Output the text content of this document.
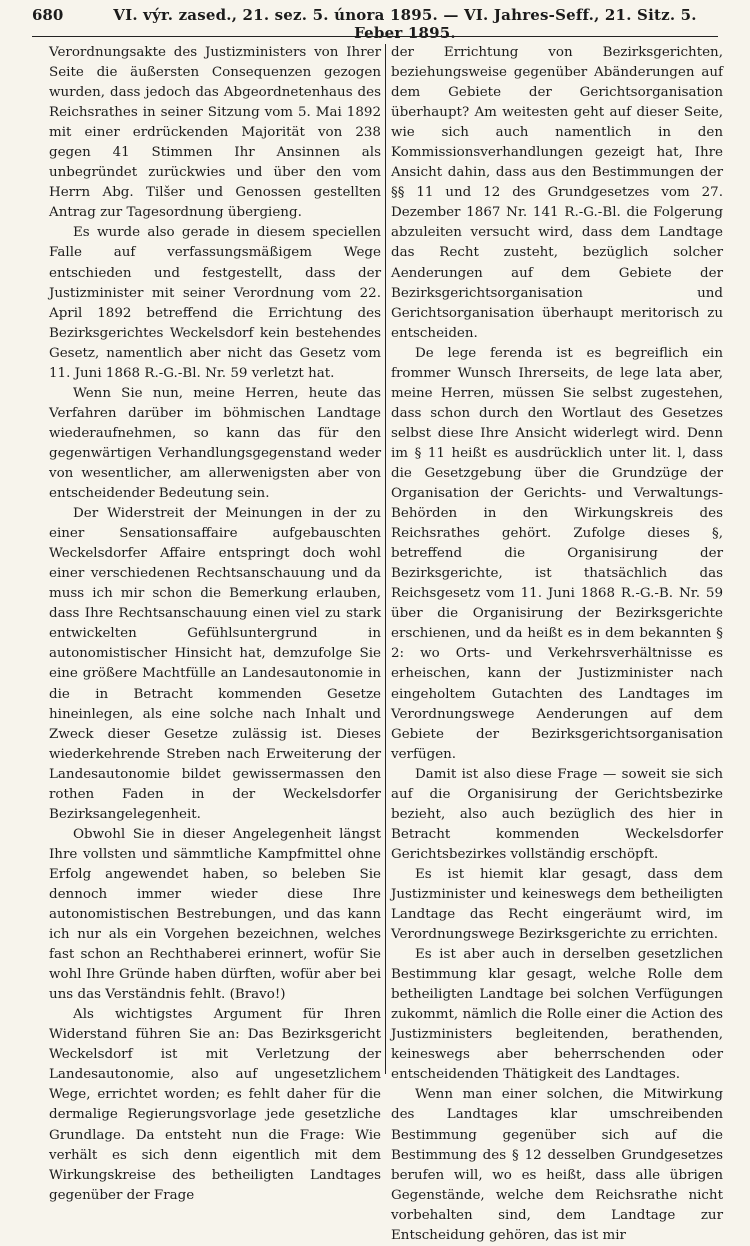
680	VI. výr. zased., 21. sez. 5. února 1895. — VI. Jahres-Seff., 21. Sitz. 5. Feber 1895.

Verordnungsakte des Justizministers von Ihrer Seite die äußersten Consequenzen gezogen wurden, dass jedoch das Abgeordnetenhaus des Reichsrathes in seiner Sitzung vom 5. Mai 1892 mit einer erdrückenden Majorität von 238 gegen 41 Stimmen Ihr Ansinnen als unbegründet zurückwies und über den vom Herrn Abg. Tilšer und Genossen gestellten Antrag zur Tagesordnung übergieng.

Es wurde also gerade in diesem speciellen Falle auf verfassungsmäßigem Wege entschieden und festgestellt, dass der Justizminister mit seiner Verordnung vom 22. April 1892 betreffend die Errichtung des Bezirksgerichtes Weckelsdorf kein bestehendes Gesetz, namentlich aber nicht das Gesetz vom 11. Juni 1868 R.-G.-Bl. Nr. 59 verletzt hat.

Wenn Sie nun, meine Herren, heute das Verfahren darüber im böhmischen Landtage wiederaufnehmen, so kann das für den gegenwärtigen Verhandlungsgegenstand weder von wesentlicher, am allerwenigsten aber von entscheidender Bedeutung sein.

Der Widerstreit der Meinungen in der zu einer Sensationsaffaire aufgebauschten Weckelsdorfer Affaire entspringt doch wohl einer verschiedenen Rechtsanschauung und da muss ich mir schon die Bemerkung erlauben, dass Ihre Rechtsanschauung einen viel zu stark entwickelten Gefühlsuntergrund in autonomistischer Hinsicht hat, demzufolge Sie eine größere Machtfülle an Landesautonomie in die in Betracht kommenden Gesetze hineinlegen, als eine solche nach Inhalt und Zweck dieser Gesetze zulässig ist. Dieses wiederkehrende Streben nach Erweiterung der Landesautonomie bildet gewissermassen den rothen Faden in der Weckelsdorfer Bezirksangelegenheit.

Obwohl Sie in dieser Angelegenheit längst Ihre vollsten und sämmtliche Kampfmittel ohne Erfolg angewendet haben, so beleben Sie dennoch immer wieder diese Ihre autonomistischen Bestrebungen, und das kann ich nur als ein Vorgehen bezeichnen, welches fast schon an Rechthaberei erinnert, wofür Sie wohl Ihre Gründe haben dürften, wofür aber bei uns das Verständnis fehlt. (Bravo!)

Als wichtigstes Argument für Ihren Widerstand führen Sie an: Das Bezirksgericht Weckelsdorf ist mit Verletzung der Landesautonomie, also auf ungesetzlichem Wege, errichtet worden; es fehlt daher für die dermalige Regierungsvorlage jede gesetzliche Grundlage. Da entsteht nun die Frage: Wie verhält es sich denn eigentlich mit dem Wirkungskreise des betheiligten Landtages gegenüber der Frage

der Errichtung von Bezirksgerichten, beziehungsweise gegenüber Abänderungen auf dem Gebiete der Gerichtsorganisation überhaupt? Am weitesten geht auf dieser Seite, wie sich auch namentlich in den Kommissionsverhandlungen gezeigt hat, Ihre Ansicht dahin, dass aus den Bestimmungen der §§ 11 und 12 des Grundgesetzes vom 27. Dezember 1867 Nr. 141 R.-G.-Bl. die Folgerung abzuleiten versucht wird, dass dem Landtage das Recht zusteht, bezüglich solcher Aenderungen auf dem Gebiete der Bezirksgerichtsorganisation und Gerichtsorganisation überhaupt meritorisch zu entscheiden.

De lege ferenda ist es begreiflich ein frommer Wunsch Ihrerseits, de lege lata aber, meine Herren, müssen Sie selbst zugestehen, dass schon durch den Wortlaut des Gesetzes selbst diese Ihre Ansicht widerlegt wird. Denn im § 11 heißt es ausdrücklich unter lit. l, dass die Gesetzgebung über die Grundzüge der Organisation der Gerichts- und Verwaltungs-Behörden in den Wirkungskreis des Reichsrathes gehört. Zufolge dieses §, betreffend die Organisirung der Bezirksgerichte, ist thatsächlich das Reichsgesetz vom 11. Juni 1868 R.-G.-B. Nr. 59 über die Organisirung der Bezirksgerichte erschienen, und da heißt es in dem bekannten § 2: wo Orts- und Verkehrsverhältnisse es erheischen, kann der Justizminister nach eingeholtem Gutachten des Landtages im Verordnungswege Aenderungen auf dem Gebiete der Bezirksgerichtsorganisation verfügen.

Damit ist also diese Frage — soweit sie sich auf die Organisirung der Gerichtsbezirke bezieht, also auch bezüglich des hier in Betracht kommenden Weckelsdorfer Gerichtsbezirkes vollständig erschöpft.

Es ist hiemit klar gesagt, dass dem Justizminister und keineswegs dem betheiligten Landtage das Recht eingeräumt wird, im Verordnungswege Bezirksgerichte zu errichten.

Es ist aber auch in derselben gesetzlichen Bestimmung klar gesagt, welche Rolle dem betheiligten Landtage bei solchen Verfügungen zukommt, nämlich die Rolle einer die Action des Justizministers begleitenden, berathenden, keineswegs aber beherrschenden oder entscheidenden Thätigkeit des Landtages.

Wenn man einer solchen, die Mitwirkung des Landtages klar umschreibenden Bestimmung gegenüber sich auf die Bestimmung des § 12 desselben Grundgesetzes berufen will, wo es heißt, dass alle übrigen Gegenstände, welche dem Reichsrathe nicht vorbehalten sind, dem Landtage zur Entscheidung gehören, das ist mir
